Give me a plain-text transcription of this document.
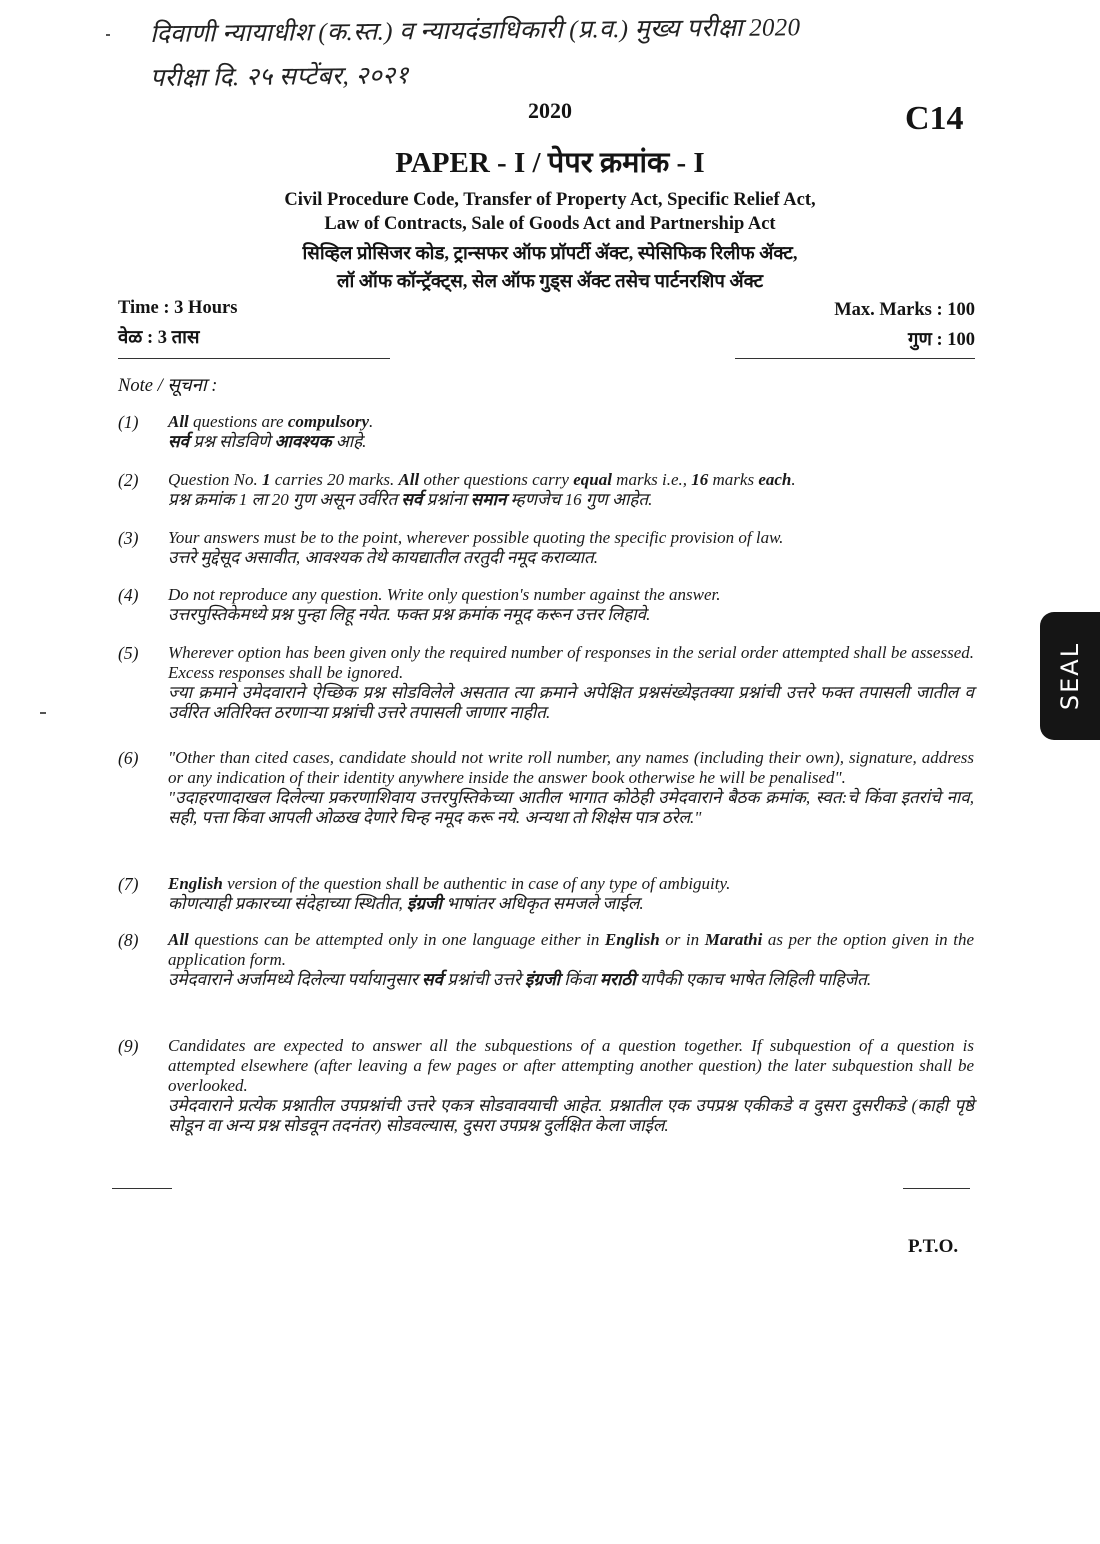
दिवाणी न्यायाधीश (क.स्त.) व न्यायदंडाधिकारी (प्र.व.) मुख्य परीक्षा 2020
परीक्षा दि. २५ सप्टेंबर, २०२१
2020	C14
PAPER - I / पेपर क्रमांक - I
Civil Procedure Code, Transfer of Property Act, Specific Relief Act,
Law of Contracts, Sale of Goods Act and Partnership Act
सिव्हिल प्रोसिजर कोड, ट्रान्सफर ऑफ प्रॉपर्टी ॲक्ट, स्पेसिफिक रिलीफ ॲक्ट,
लॉ ऑफ कॉन्ट्रॅक्ट्स, सेल ऑफ गुड्स ॲक्ट तसेच पार्टनरशिप ॲक्ट
Time : 3 Hours
वेळ : 3 तास
Max. Marks : 100
गुण : 100
Note / सूचना :
(1) All questions are compulsory.
सर्व प्रश्न सोडविणे आवश्यक आहे.
(2) Question No. 1 carries 20 marks. All other questions carry equal marks i.e., 16 marks each.
प्रश्न क्रमांक 1 ला 20 गुण असून उर्वरित सर्व प्रश्नांना समान म्हणजेच 16 गुण आहेत.
(3) Your answers must be to the point, wherever possible quoting the specific provision of law.
उत्तरे मुद्देसूद असावीत, आवश्यक तेथे कायद्यातील तरतुदी नमूद कराव्यात.
(4) Do not reproduce any question. Write only question's number against the answer.
उत्तरपुस्तिकेमध्ये प्रश्न पुन्हा लिहू नयेत. फक्त प्रश्न क्रमांक नमूद करून उत्तर लिहावे.
(5) Wherever option has been given only the required number of responses in the serial order attempted shall be assessed. Excess responses shall be ignored.
ज्या क्रमाने उमेदवाराने ऐच्छिक प्रश्न सोडविलेले असतात त्या क्रमाने अपेक्षित प्रश्नसंख्येइतक्या प्रश्नांची उत्तरे फक्त तपासली जातील व उर्वरित अतिरिक्त ठरणाऱ्या प्रश्नांची उत्तरे तपासली जाणार नाहीत.
(6) "Other than cited cases, candidate should not write roll number, any names (including their own), signature, address or any indication of their identity anywhere inside the answer book otherwise he will be penalised".
"उदाहरणादाखल दिलेल्या प्रकरणाशिवाय उत्तरपुस्तिकेच्या आतील भागात कोठेही उमेदवाराने बैठक क्रमांक, स्वत:चे किंवा इतरांचे नाव, सही, पत्ता किंवा आपली ओळख देणारे चिन्ह नमूद करू नये. अन्यथा तो शिक्षेस पात्र ठरेल."
(7) English version of the question shall be authentic in case of any type of ambiguity.
कोणत्याही प्रकारच्या संदेहाच्या स्थितीत, इंग्रजी भाषांतर अधिकृत समजले जाईल.
(8) All questions can be attempted only in one language either in English or in Marathi as per the option given in the application form.
उमेदवाराने अर्जामध्ये दिलेल्या पर्यायानुसार सर्व प्रश्नांची उत्तरे इंग्रजी किंवा मराठी यापैकी एकाच भाषेत लिहिली पाहिजेत.
(9) Candidates are expected to answer all the subquestions of a question together. If subquestion of a question is attempted elsewhere (after leaving a few pages or after attempting another question) the later subquestion shall be overlooked.
उमेदवाराने प्रत्येक प्रश्नातील उपप्रश्नांची उत्तरे एकत्र सोडवावयाची आहेत. प्रश्नातील एक उपप्रश्न एकीकडे व दुसरा दुसरीकडे (काही पृष्ठे सोडून वा अन्य प्रश्न सोडवून तदनंतर) सोडवल्यास, दुसरा उपप्रश्न दुर्लक्षित केला जाईल.
SEAL
P.T.O.
